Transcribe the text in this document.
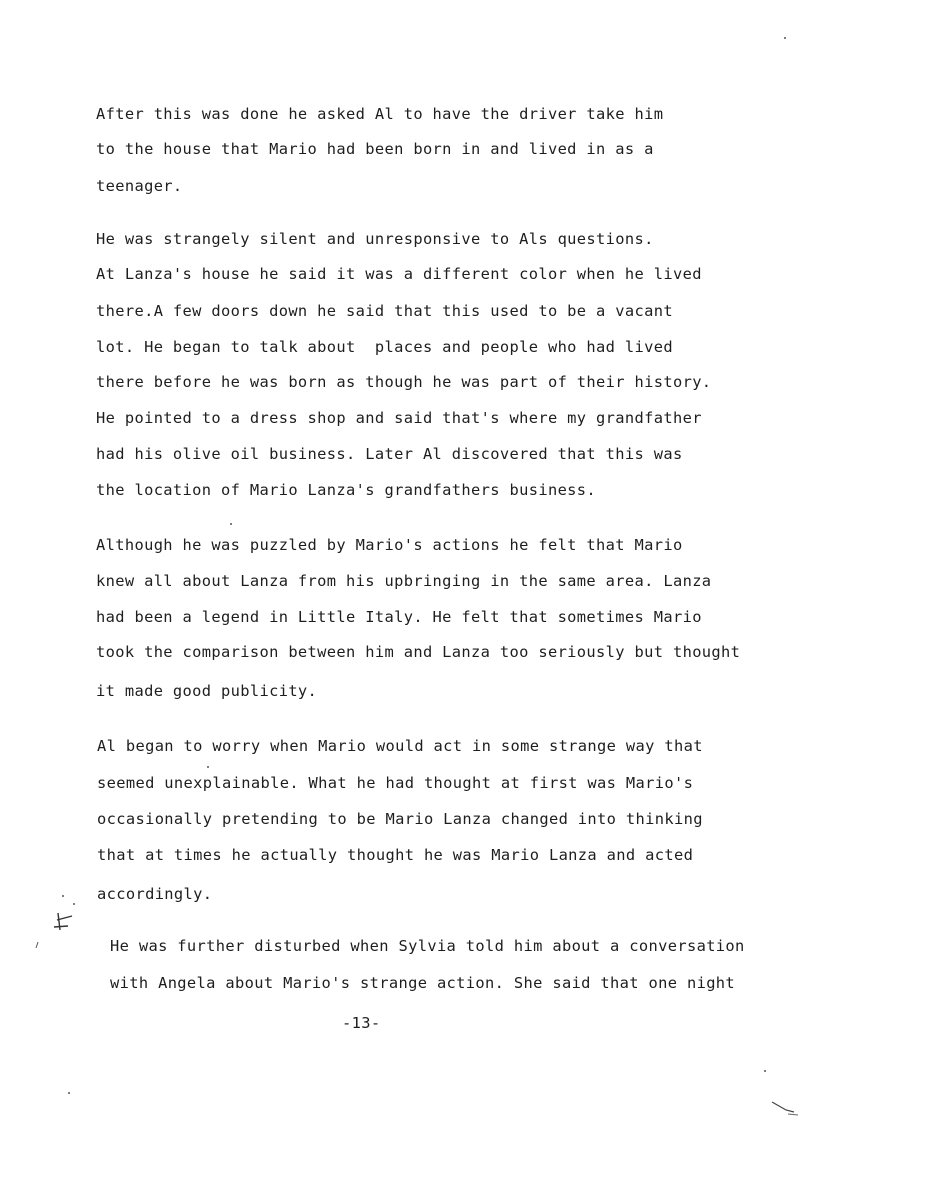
After this was done he asked Al to have the driver take him
to the house that Mario had been born in and lived in as a
teenager.
He was strangely silent and unresponsive to Als questions.
At Lanza's house he said it was a different color when he lived
there.A few doors down he said that this used to be a vacant
lot. He began to talk about  places and people who had lived
there before he was born as though he was part of their history.
He pointed to a dress shop and said that's where my grandfather
had his olive oil business. Later Al discovered that this was
the location of Mario Lanza's grandfathers business.
Although he was puzzled by Mario's actions he felt that Mario
knew all about Lanza from his upbringing in the same area. Lanza
had been a legend in Little Italy. He felt that sometimes Mario
took the comparison between him and Lanza too seriously but thought
it made good publicity.
Al began to worry when Mario would act in some strange way that
seemed unexplainable. What he had thought at first was Mario's
occasionally pretending to be Mario Lanza changed into thinking
that at times he actually thought he was Mario Lanza and acted
accordingly.
He was further disturbed when Sylvia told him about a conversation
with Angela about Mario's strange action. She said that one night
-13-
